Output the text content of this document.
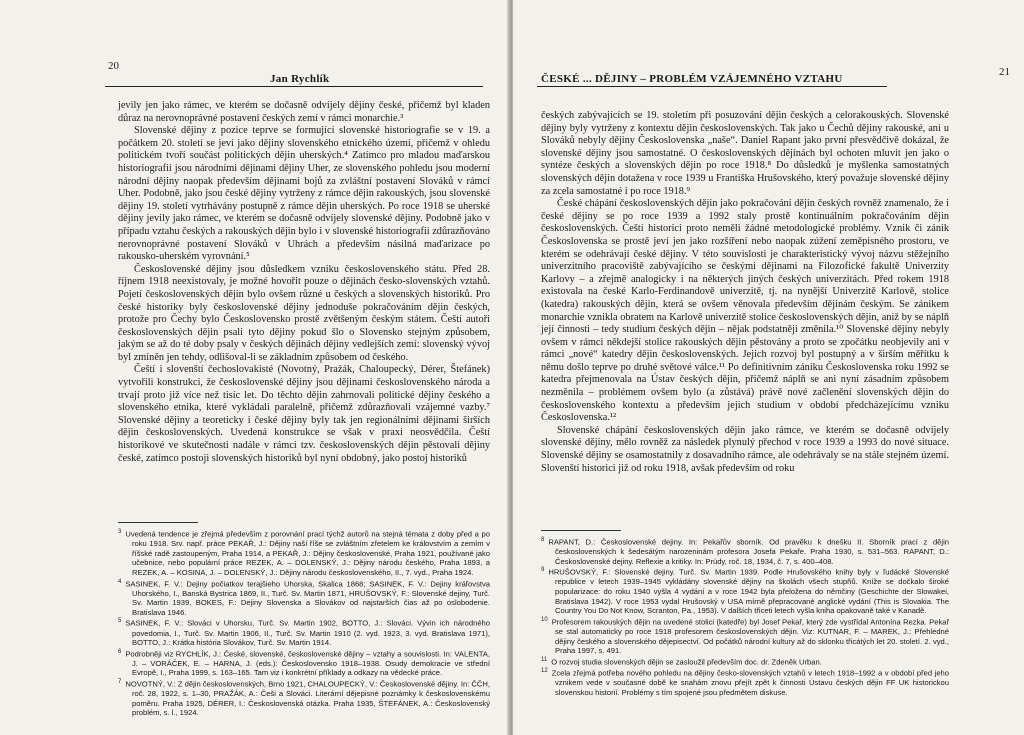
20
Jan Rychlík

jevily jen jako rámec, ve kterém se dočasně odvíjely dějiny české, přičemž byl kladen důraz na nerovnoprávné postavení českých zemí v rámci monarchie.³

Slovenské dějiny z pozice teprve se formující slovenské historiografie se v 19. a počátkem 20. století se jeví jako dějiny slovenského etnického území, přičemž v ohledu politickém tvoří součást politických dějin uherských.⁴ Zatímco pro mladou maďarskou historiografii jsou národními dějinami dějiny Uher, ze slovenského pohledu jsou moderní národní dějiny naopak především dějinami bojů za zvláštní postavení Slováků v rámci Uher. Podobně, jako jsou české dějiny vytrženy z rámce dějin rakouských, jsou slovenské dějiny 19. století vytrhávány postupně z rámce dějin uherských. Po roce 1918 se uherské dějiny jevily jako rámec, ve kterém se dočasně odvíjely slovenské dějiny. Podobně jako v případu vztahu českých a rakouských dějin bylo i v slovenské historiografii zdůrazňováno nerovnoprávné postavení Slováků v Uhrách a především násilná maďarizace po rakousko-uherském vyrovnání.⁵

Československé dějiny jsou důsledkem vzniku československého státu. Před 28. říjnem 1918 neexistovaly, je možné hovořit pouze o dějinách česko-slovenských vztahů. Pojetí československých dějin bylo ovšem různé u českých a slovenských historiků. Pro české historiky byly československé dějiny jednoduše pokračováním dějin českých, protože pro Čechy bylo Československo prostě zvětšeným českým státem. Čeští autoři československých dějin psali tyto dějiny pokud šlo o Slovensko stejným způsobem, jakým se až do té doby psaly v českých dějinách dějiny vedlejších zemí: slovenský vývoj byl zmíněn jen tehdy, odlišoval-li se základním způsobem od českého.

Čeští i slovenští čechoslovakisté (Novotný, Pražák, Chaloupecký, Dérer, Štefánek) vytvořili konstrukci, že československé dějiny jsou dějinami československého národa a trvají proto již více než tisíc let. Do těchto dějin zahrnovali politické dějiny českého a slovenského etnika, které vykládali paralelně, přičemž zdůrazňovali vzájemné vazby.⁷ Slovenské dějiny a teoreticky i české dějiny byly tak jen regionálními dějinami širších dějin československých. Uvedená konstrukce se však v praxi neosvědčila. Čeští historikové ve skutečnosti nadále v rámci tzv. československých dějin pěstovali dějiny české, zatímco postoji slovenských historiků byl nyní obdobný, jako postoj historiků

$^3$ Uvedená tendence je zřejmá především z porovnání prací týchž autorů na stejná témata z doby před a po roku 1918. Srv. např. práce PEKAŘ, J.: Dějiny naší říše se zvláštním zřetelem ke královstvím a zemím v říšské radě zastoupeným, Praha 1914, a PEKAŘ, J.: Dějiny československé, Praha 1921, používané jako učebnice, nebo populární práce REZEK, A. – DOLENSKÝ, J.: Dějiny národu českého, Praha 1893, a REZEK, A. – KOSINA, J. – DOLENSKÝ, J.: Dějiny národu československého, II., 7. vyd., Praha 1924.

$^4$ SASINEK, F. V.: Dejiny počiatkov terajšieho Uhorska, Skalica 1868; SASINEK, F. V.: Dejiny kráľovstva Uhorského, I., Banská Bystrica 1869, II., Turč. Sv. Martin 1871, HRUŠOVSKÝ, F.: Slovenské dejiny, Turč. Sv. Martin 1939, BOKES, F.: Dejiny Slovenska a Slovákov od najstarších čias až po oslobodenie. Bratislava 1946.

$^5$ SASINEK, F. V.: Slováci v Uhorsku, Turč. Sv. Martin 1902, BOTTO, J.: Slováci. Vývin ich národného povedomia, I., Turč. Sv. Martin 1906, II., Turč. Sv. Martin 1910 (2. vyd. 1923, 3. vyd. Bratislava 1971), BOTTO, J.: Krátka história Slovákov, Turč. Sv. Martin 1914.

$^6$ Podrobněji viz RYCHLÍK, J.: České, slovenské, československé dějiny – vztahy a souvislosti. In: VALENTA, J. – VORÁČEK, E. – HARNA, J. (eds.): Československo 1918–1938. Osudy demokracie ve střední Evropě, I., Praha 1999, s. 163–165. Tam viz i konkrétní příklady a odkazy na vědecké práce.

$^7$ NOVOTNÝ, V.: Z dějin československých, Brno 1921, CHALOUPECKÝ, V.: Československé dějiny. In: ČČH, roč. 28, 1922, s. 1–30, PRAŽÁK, A.: Češi a Slováci. Literární dějepisné poznámky k československému poměru. Praha 1925, DÉRER, I.: Československá otázka. Praha 1935, ŠTEFÁNEK, A.: Československý problém, s. l., 1924.

ČESKÉ ... DĚJINY – PROBLÉM VZÁJEMNÉHO VZTAHU
21

českých zabývajících se 19. stoletím při posuzování dějin českých a celorakouských. Slovenské dějiny byly vytrženy z kontextu dějin československých. Tak jako u Čechů dějiny rakouské, ani u Slováků nebyly dějiny Československa „naše“. Daniel Rapant jako první přesvědčivě dokázal, že slovenské dějiny jsou samostatné. O československých dějinách byl ochoten mluvit jen jako o syntéze českých a slovenských dějin po roce 1918.⁸ Do důsledků je myšlenka samostatných slovenských dějin dotažena v roce 1939 u Františka Hrušovského, který považuje slovenské dějiny za zcela samostatné i po roce 1918.⁹

České chápání československých dějin jako pokračování dějin českých rovněž znamenalo, že i české dějiny se po roce 1939 a 1992 staly prostě kontinuálním pokračováním dějin československých. Čeští historici proto neměli žádné metodologické problémy. Vznik či zánik Československa se prostě jeví jen jako rozšíření nebo naopak zúžení zeměpisného prostoru, ve kterém se odehrávají české dějiny. V této souvislosti je charakteristický vývoj názvu stěžejního univerzitního pracoviště zabývajícího se českými dějinami na Filozofické fakultě Univerzity Karlovy – a zřejmě analogicky i na některých jiných českých univerzitách. Před rokem 1918 existovala na české Karlo-Ferdinandově univerzitě, tj. na nynější Univerzitě Karlově, stolice (katedra) rakouských dějin, která se ovšem věnovala především dějinám českým. Se zánikem monarchie vznikla obratem na Karlově univerzitě stolice československých dějin, aniž by se náplň její činnosti – tedy studium českých dějin – nějak podstatněji změnila.¹⁰ Slovenské dějiny nebyly ovšem v rámci někdejší stolice rakouských dějin pěstovány a proto se zpočátku neobjevily ani v rámci „nové“ katedry dějin československých. Jejich rozvoj byl postupný a v širším měřítku k němu došlo teprve po druhé světové válce.¹¹ Po definitivním zániku Československa roku 1992 se katedra přejmenovala na Ústav českých dějin, přičemž náplň se ani nyní zásadním způsobem nezměnila – problémem ovšem bylo (a zůstává) právě nové začlenění slovenských dějin do československého kontextu a především jejich studium v období předcházejícímu vzniku Československa.¹²

Slovenské chápání československých dějin jako rámce, ve kterém se dočasně odvíjely slovenské dějiny, mělo rovněž za následek plynulý přechod v roce 1939 a 1993 do nové situace. Slovenské dějiny se osamostatnily z dosavadního rámce, ale odehrávaly se na stále stejném území. Slovenští historici již od roku 1918, avšak především od roku

$^8$ RAPANT, D.: Československé dejiny. In: Pekařův sborník. Od pravěku k dnešku II. Sborník prací z dějin československých k šedesátým narozeninám profesora Josefa Pekaře. Praha 1930, s. 531–563. RAPANT, D.: Československé dejiny. Reflexie a kritiky. In: Prúdy, roč. 18, 1934, č. 7, s. 400–408.

$^9$ HRUŠOVSKÝ, F.: Slovenské dejiny. Turč. Sv. Martin 1939. Podle Hrušovského knihy byly v ľudácké Slovenské republice v letech 1939–1945 vykládány slovenské dějiny na školách všech stupňů. Kníže se dočkalo široké popularizace: do roku 1940 vyšla 4 vydání a v roce 1942 byla přeložena do němčiny (Geschichte der Slowakei, Bratislava 1942). V roce 1953 vydal Hrušovský v USA mírně přepracované anglické vydání (This is Slovakia. The Country You Do Not Know, Scranton, Pa., 1953). V dalších třiceti letech vyšla kniha opakovaně také v Kanadě.

$^{10}$ Profesorem rakouských dějin na uvedené stolici (katedře) byl Josef Pekař, který zde vystřídal Antonína Rezka. Pekař se stal automaticky po roce 1918 profesorem československých dějin. Viz: KUTNAR, F. – MAREK, J.: Přehledné dějiny českého a slovenského dějepisectví. Od počátků národní kultury až do sklonku třicátých let 20. století. 2. vyd., Praha 1997, s. 491.

$^{11}$ O rozvoj studia slovenských dějin se zasloužil především doc. dr. Zdeněk Urban.

$^{12}$ Zcela zřejmá potřeba nového pohledu na dějiny česko-slovenských vztahů v letech 1918–1992 a v období před jeho vznikem vede v současné době ke snahám znovu přejít zpět k činnosti Ústavu českých dějin FF UK historickou slovenskou historií. Problémy s tím spojené jsou předmětem diskuse.
